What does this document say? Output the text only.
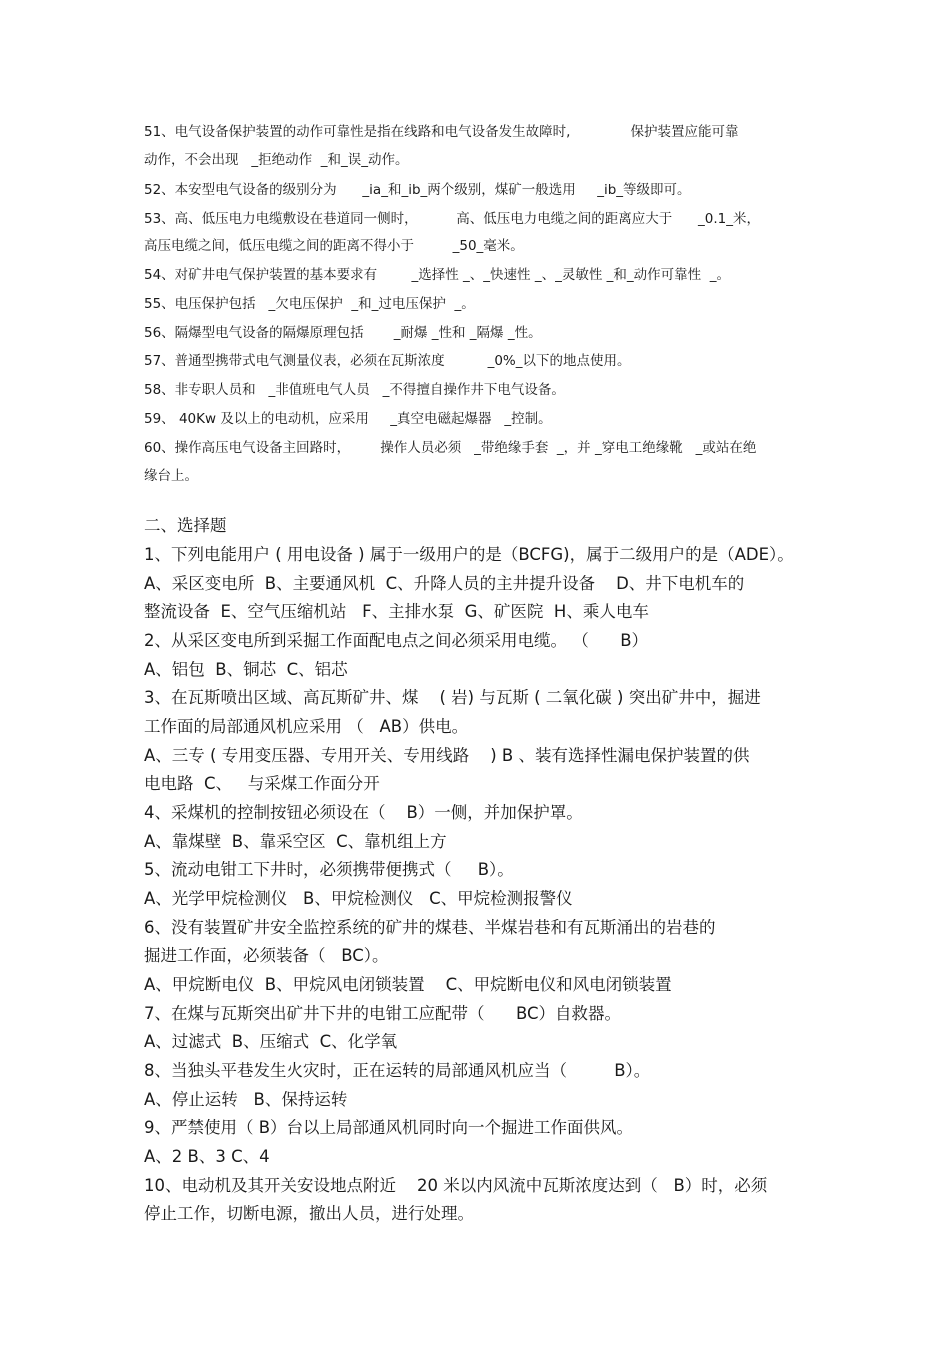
51、电气设备保护装置的动作可靠性是指在线路和电气设备发生故障时,              保护装置应能可靠

动作，不会出现   _拒绝动作  _和_误_动作。

52、本安型电气设备的级别分为      _ia_和_ib_两个级别，煤矿一般选用     _ib_等级即可。

53、高、低压电力电缆敷设在巷道同一侧时，         高、低压电力电缆之间的距离应大于      _0.1_米，

高压电缆之间，低压电缆之间的距离不得小于         _50_毫米。

54、对矿井电气保护装置的基本要求有        _选择性 _、_快速性 _、_灵敏性 _和_动作可靠性  _。

55、电压保护包括   _欠电压保护  _和_过电压保护  _。

56、隔爆型电气设备的隔爆原理包括       _耐爆 _性和 _隔爆 _性。

57、普通型携带式电气测量仪表，必须在瓦斯浓度          _0%_以下的地点使用。

58、非专职人员和   _非值班电气人员   _不得擅自操作井下电气设备。

59、 40Kw 及以上的电动机，应采用     _真空电磁起爆器   _控制。

60、操作高压电气设备主回路时，       操作人员必须   _带绝缘手套  _，并 _穿电工绝缘靴   _或站在绝

缘台上。

二、选择题

1、下列电能用户 ( 用电设备 ) 属于一级用户的是（BCFG)，属于二级用户的是（ADE）。

A、采区变电所  B、主要通风机  C、升降人员的主井提升设备    D、井下电机车的

整流设备  E、空气压缩机站   F、主排水泵  G、矿医院  H、乘人电车

2、从采区变电所到采掘工作面配电点之间必须采用电缆。 （      B）

A、铝包  B、铜芯  C、铝芯

3、在瓦斯喷出区域、高瓦斯矿井、煤    ( 岩) 与瓦斯 ( 二氧化碳 ) 突出矿井中，掘进

工作面的局部通风机应采用 （   AB）供电。

A、三专 ( 专用变压器、专用开关、专用线路    ) B 、装有选择性漏电保护装置的供

电电路  C、   与采煤工作面分开

4、采煤机的控制按钮必须设在（    B）一侧，并加保护罩。

A、靠煤壁  B、靠采空区  C、靠机组上方

5、流动电钳工下井时，必须携带便携式（     B）。

A、光学甲烷检测仪   B、甲烷检测仪   C、甲烷检测报警仪

6、没有装置矿井安全监控系统的矿井的煤巷、半煤岩巷和有瓦斯涌出的岩巷的

掘进工作面，必须装备（   BC）。

A、甲烷断电仪  B、甲烷风电闭锁装置    C、甲烷断电仪和风电闭锁装置

7、在煤与瓦斯突出矿井下井的电钳工应配带（      BC）自救器。

A、过滤式  B、压缩式  C、化学氧

8、当独头平巷发生火灾时，正在运转的局部通风机应当（         B）。

A、停止运转   B、保持运转

9、严禁使用（ B）台以上局部通风机同时向一个掘进工作面供风。

A、2 B、3 C、4

10、电动机及其开关安设地点附近    20 米以内风流中瓦斯浓度达到（   B）时，必须

停止工作，切断电源，撤出人员，进行处理。
